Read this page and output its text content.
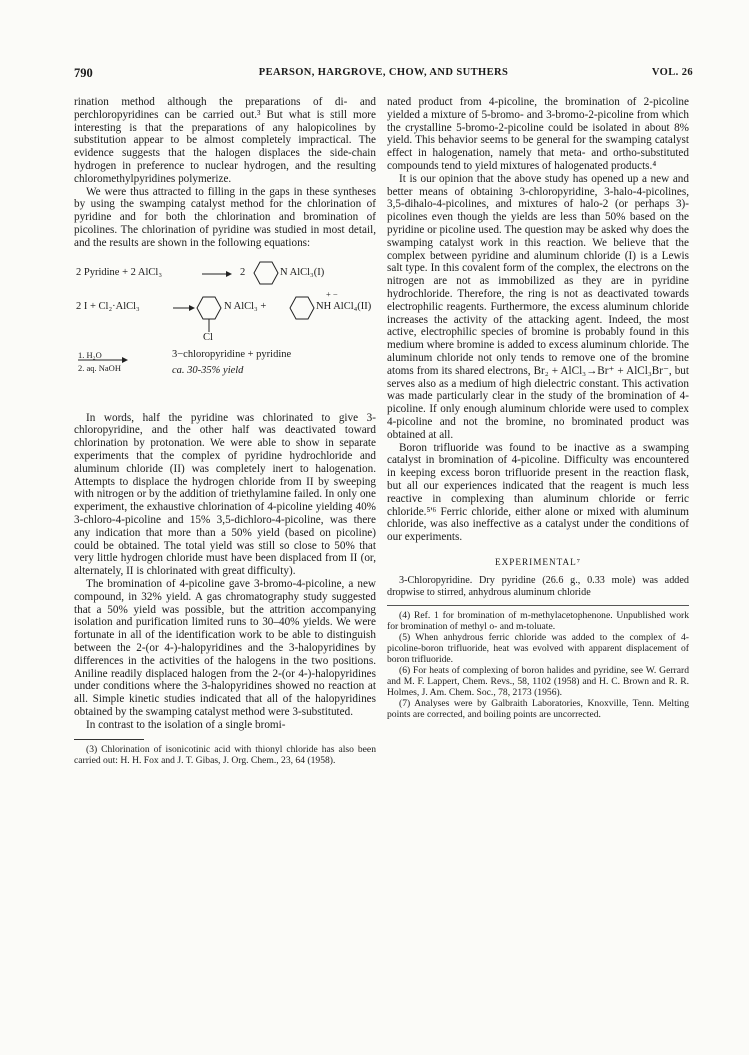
790	PEARSON, HARGROVE, CHOW, AND SUTHERS	VOL. 26

rination method although the preparations of di- and perchloropyridines can be carried out.³ But what is still more interesting is that the preparations of any halopicolines by substitution appear to be almost completely impractical. The evidence suggests that the halogen displaces the side-chain hydrogen in preference to nuclear hydrogen, and the resulting chloromethylpyridines polymerize.

We were thus attracted to filling in the gaps in these syntheses by using the swamping catalyst method for the chlorination of pyridine and for both the chlorination and bromination of picolines. The chlorination of pyridine was studied in most detail, and the results are shown in the following equations:

2 Pyridine + 2 AlCl₃	2	N AlCl₃(I)
2 I + Cl₂·AlCl₃	N AlCl₃ +
+ −
NH AlCl₄(II)
Cl
1. H₂O
2. aq. NaOH
3−chloropyridine + pyridine
ca. 30-35% yield

In words, half the pyridine was chlorinated to give 3-chloropyridine, and the other half was deactivated toward chlorination by protonation. We were able to show in separate experiments that the complex of pyridine hydrochloride and aluminum chloride (II) was completely inert to halogenation. Attempts to displace the hydrogen chloride from II by sweeping with nitrogen or by the addition of triethylamine failed. In only one experiment, the exhaustive chlorination of 4-picoline yielding 40% 3-chloro-4-picoline and 15% 3,5-dichloro-4-picoline, was there any indication that more than a 50% yield (based on picoline) could be obtained. The total yield was still so close to 50% that very little hydrogen chloride must have been displaced from II (or, alternately, II is chlorinated with great difficulty).

The bromination of 4-picoline gave 3-bromo-4-picoline, a new compound, in 32% yield. A gas chromatography study suggested that a 50% yield was possible, but the attrition accompanying isolation and purification limited runs to 30–40% yields. We were fortunate in all of the identification work to be able to distinguish between the 2-(or 4-)-halopyridines and the 3-halopyridines by differences in the activities of the halogens in the two positions. Aniline readily displaced halogen from the 2-(or 4-)-halopyridines under conditions where the 3-halopyridines showed no reaction at all. Simple kinetic studies indicated that all of the halopyridines obtained by the swamping catalyst method were 3-substituted.

In contrast to the isolation of a single bromi-

(3) Chlorination of isonicotinic acid with thionyl chloride has also been carried out: H. H. Fox and J. T. Gibas, J. Org. Chem., 23, 64 (1958).

nated product from 4-picoline, the bromination of 2-picoline yielded a mixture of 5-bromo- and 3-bromo-2-picoline from which the crystalline 5-bromo-2-picoline could be isolated in about 8% yield. This behavior seems to be general for the swamping catalyst effect in halogenation, namely that meta- and ortho-substituted compounds tend to yield mixtures of halogenated products.⁴

It is our opinion that the above study has opened up a new and better means of obtaining 3-chloropyridine, 3-halo-4-picolines, 3,5-dihalo-4-picolines, and mixtures of halo-2 (or perhaps 3)-picolines even though the yields are less than 50% based on the pyridine or picoline used. The question may be asked why does the swamping catalyst work in this reaction. We believe that the complex between pyridine and aluminum chloride (I) is a Lewis salt type. In this covalent form of the complex, the electrons on the nitrogen are not as immobilized as they are in pyridine hydrochloride. Therefore, the ring is not as deactivated towards electrophilic reagents. Furthermore, the excess aluminum chloride increases the activity of the attacking agent. Indeed, the most active, electrophilic species of bromine is probably found in this medium where bromine is added to excess aluminum chloride. The aluminum chloride not only tends to remove one of the bromine atoms from its shared electrons, Br₂ + AlCl₃→Br⁺ + AlCl₃Br⁻, but serves also as a medium of high dielectric constant. This activation was made particularly clear in the study of the bromination of 4-picoline. If only enough aluminum chloride were used to complex 4-picoline and not the bromine, no brominated product was obtained at all.

Boron trifluoride was found to be inactive as a swamping catalyst in bromination of 4-picoline. Difficulty was encountered in keeping excess boron trifluoride present in the reaction flask, but all our experiences indicated that the reagent is much less reactive in complexing than aluminum chloride or ferric chloride.⁵'⁶ Ferric chloride, either alone or mixed with aluminum chloride, was also ineffective as a catalyst under the conditions of our experiments.

EXPERIMENTAL⁷

3-Chloropyridine. Dry pyridine (26.6 g., 0.33 mole) was added dropwise to stirred, anhydrous aluminum chloride

(4) Ref. 1 for bromination of m-methylacetophenone. Unpublished work for bromination of methyl o- and m-toluate.

(5) When anhydrous ferric chloride was added to the complex of 4-picoline-boron trifluoride, heat was evolved with apparent displacement of boron trifluoride.

(6) For heats of complexing of boron halides and pyridine, see W. Gerrard and M. F. Lappert, Chem. Revs., 58, 1102 (1958) and H. C. Brown and R. R. Holmes, J. Am. Chem. Soc., 78, 2173 (1956).

(7) Analyses were by Galbraith Laboratories, Knoxville, Tenn. Melting points are corrected, and boiling points are uncorrected.
